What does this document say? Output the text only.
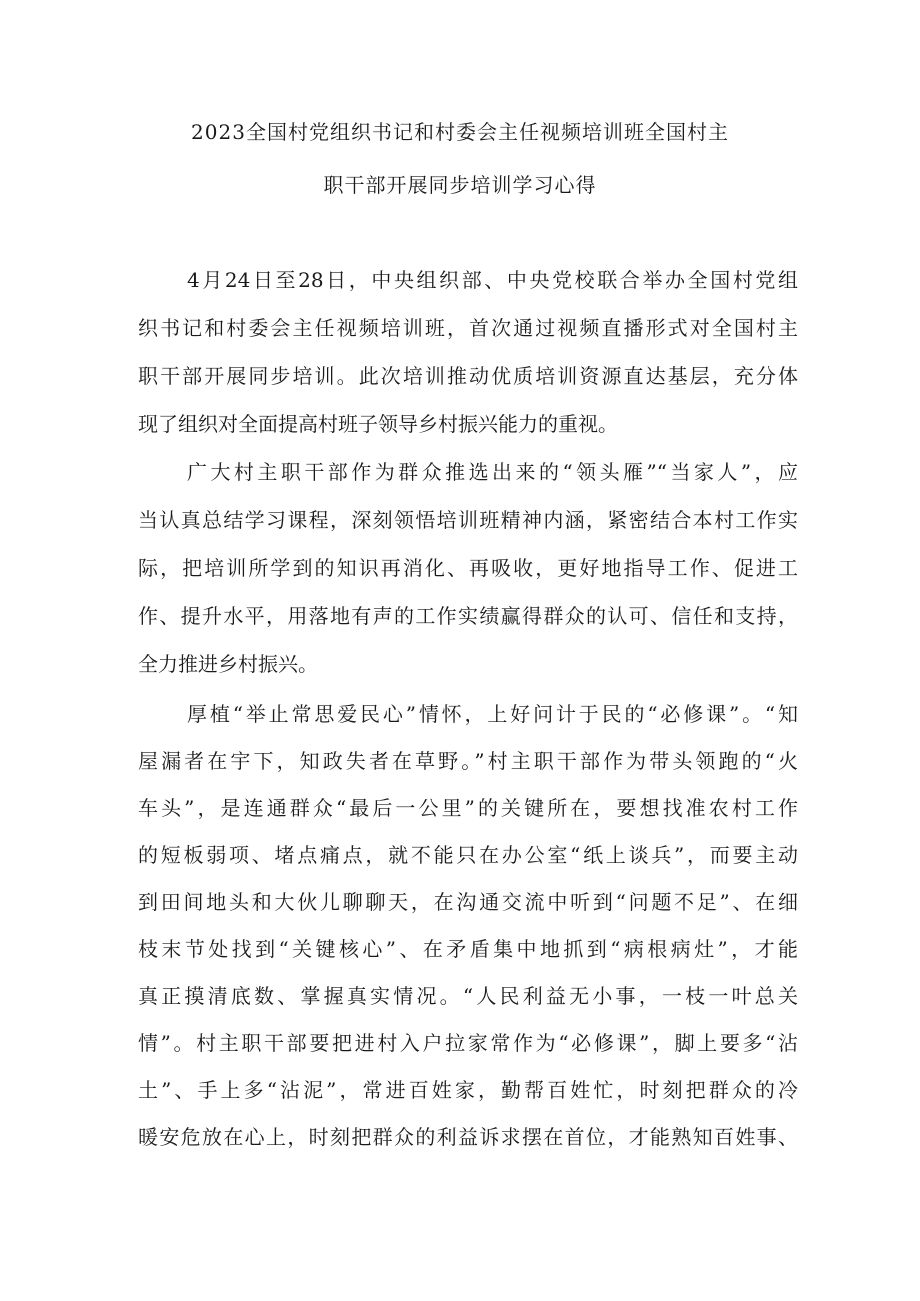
2023全国村党组织书记和村委会主任视频培训班全国村主
职干部开展同步培训学习心得
4月24日至28日，中央组织部、中央党校联合举办全国村党组
织书记和村委会主任视频培训班，首次通过视频直播形式对全国村主
职干部开展同步培训。此次培训推动优质培训资源直达基层，充分体
现了组织对全面提高村班子领导乡村振兴能力的重视。
广大村主职干部作为群众推选出来的“领头雁”“当家人”，应
当认真总结学习课程，深刻领悟培训班精神内涵，紧密结合本村工作实
际，把培训所学到的知识再消化、再吸收，更好地指导工作、促进工
作、提升水平，用落地有声的工作实绩赢得群众的认可、信任和支持，
全力推进乡村振兴。
厚植“举止常思爱民心”情怀，上好问计于民的“必修课”。“知
屋漏者在宇下，知政失者在草野。”村主职干部作为带头领跑的“火
车头”，是连通群众“最后一公里”的关键所在，要想找准农村工作
的短板弱项、堵点痛点，就不能只在办公室“纸上谈兵”，而要主动
到田间地头和大伙儿聊聊天，在沟通交流中听到“问题不足”、在细
枝末节处找到“关键核心”、在矛盾集中地抓到“病根病灶”，才能
真正摸清底数、掌握真实情况。“人民利益无小事，一枝一叶总关
情”。村主职干部要把进村入户拉家常作为“必修课”，脚上要多“沾
土”、手上多“沾泥”，常进百姓家，勤帮百姓忙，时刻把群众的冷
暖安危放在心上，时刻把群众的利益诉求摆在首位，才能熟知百姓事、
